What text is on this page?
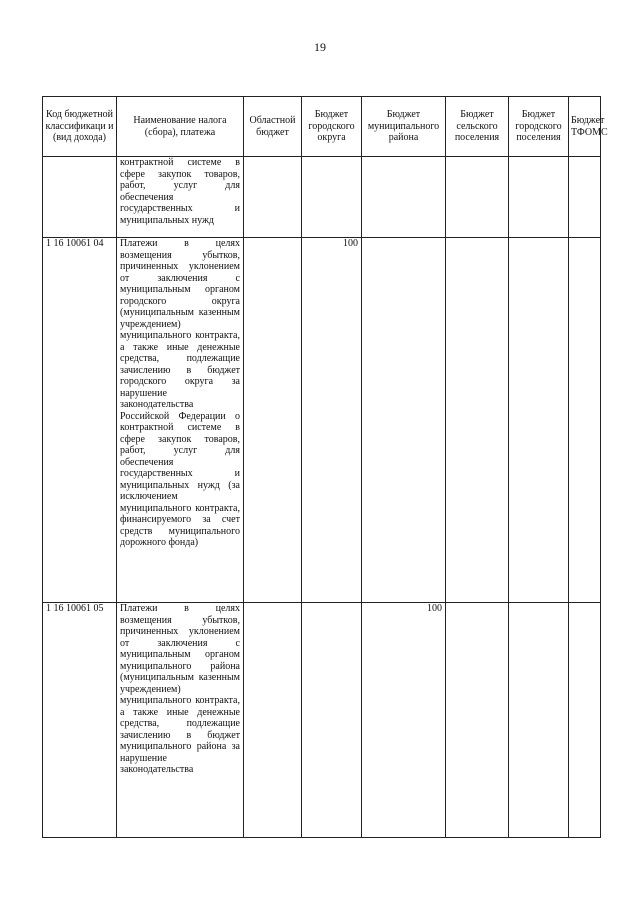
19
Код бюджетной классификаци и (вид дохода)	Наименование налога (сбора), платежа	Областной бюджет	Бюджет городского округа	Бюджет муниципального района	Бюджет сельского поселения	Бюджет городского поселения	Бюджет ТФОМС
	контрактной системе в сфере закупок товаров, работ, услуг для обеспечения государственных и муниципальных нужд						
1 16 10061 04	Платежи в целях возмещения убытков, причиненных уклонением от заключения с муниципальным органом городского округа (муниципальным казенным учреждением) муниципального контракта, а также иные денежные средства, подлежащие зачислению в бюджет городского округа за нарушение законодательства Российской Федерации о контрактной системе в сфере закупок товаров, работ, услуг для обеспечения государственных и муниципальных нужд (за исключением муниципального контракта, финансируемого за счет средств муниципального дорожного фонда)		100				
1 16 10061 05	Платежи в целях возмещения убытков, причиненных уклонением от заключения с муниципальным органом муниципального района (муниципальным казенным учреждением) муниципального контракта, а также иные денежные средства, подлежащие зачислению в бюджет муниципального района за нарушение законодательства			100			
